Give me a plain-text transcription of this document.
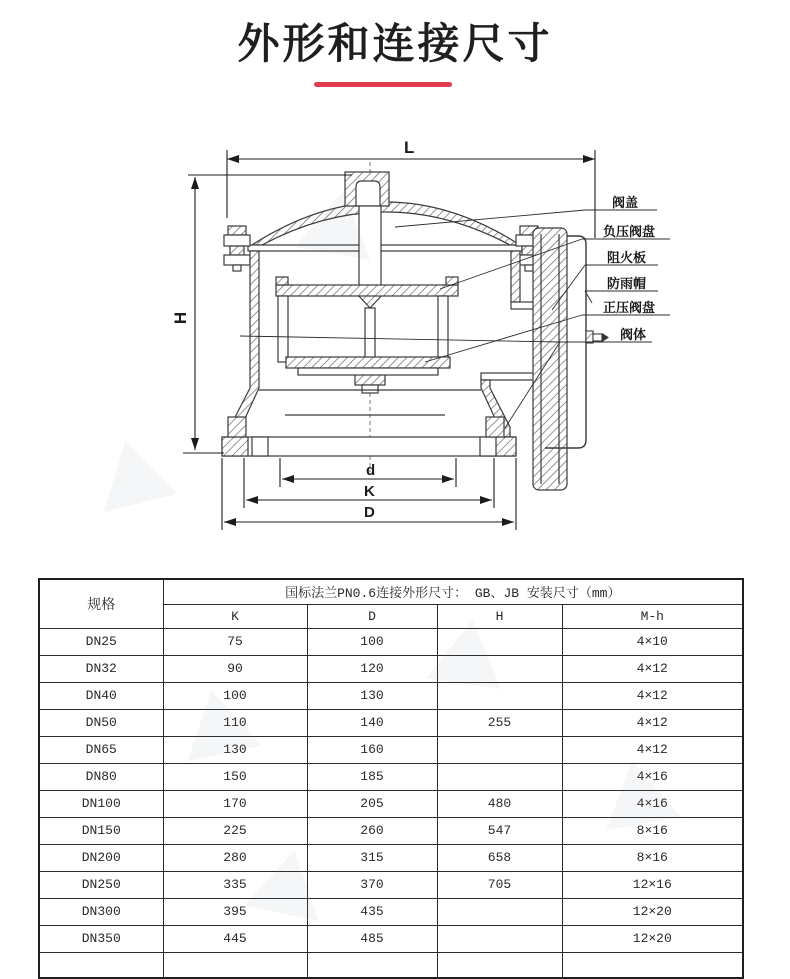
外形和连接尺寸
L
H
d
K
D
阀盖
负压阀盘
阻火板
防雨帽
正压阀盘
阀体
规格	国标法兰PN0.6连接外形尺寸： GB、JB 安装尺寸（mm）			
	K	D	H	M-h
DN25	75	100		4×10
DN32	90	120		4×12
DN40	100	130		4×12
DN50	110	140	255	4×12
DN65	130	160		4×12
DN80	150	185		4×16
DN100	170	205	480	4×16
DN150	225	260	547	8×16
DN200	280	315	658	8×16
DN250	335	370	705	12×16
DN300	395	435		12×20
DN350	445	485		12×20
